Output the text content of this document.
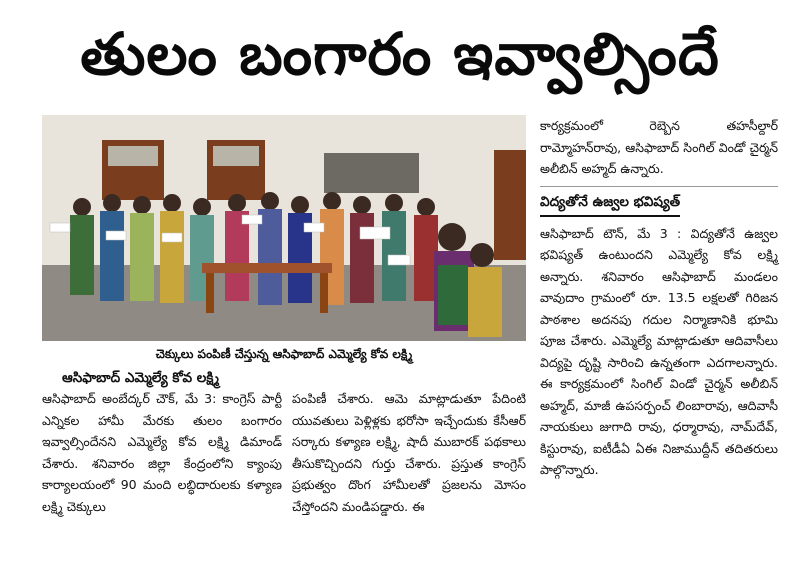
తులం బంగారం ఇవ్వాల్సిందే
చెక్కులు పంపిణీ చేస్తున్న ఆసిఫాబాద్ ఎమ్మెల్యే కోవ లక్ష్మి
ఆసిఫాబాద్ ఎమ్మెల్యే కోవ లక్ష్మి

ఆసిఫాబాద్ అంబేద్కర్ చౌక్, మే 3: కాంగ్రెస్ పార్టీ ఎన్నికల హామీ మేరకు తులం బంగారం ఇవ్వాల్సిందేనని ఎమ్మెల్యే కోవ లక్ష్మి డిమాండ్ చేశారు. శనివారం జిల్లా కేంద్రంలోని క్యాంపు కార్యాలయంలో 90 మంది లబ్ధిదారులకు కళ్యాణ లక్ష్మి చెక్కులు

పంపిణీ చేశారు. ఆమె మాట్లాడుతూ పేదింటి యువతులు పెళ్లిళ్లకు భరోసా ఇచ్చేందుకు కేసీఆర్ సర్కారు కళ్యాణ లక్ష్మి, షాదీ ముబారక్ పథకాలు తీసుకొచ్చిందని గుర్తు చేశారు. ప్రస్తుత కాంగ్రెస్ ప్రభుత్వం దొంగ హామీలతో ప్రజలను మోసం చేస్తోందని మండిపడ్డారు. ఈ

కార్యక్రమంలో రెబ్బెన తహసీల్దార్ రామ్మోహన్‌రావు, ఆసిఫాబాద్ సింగిల్ విండో చైర్మన్ అలీబిన్ అహ్మద్ ఉన్నారు.

విద్యతోనే ఉజ్వల భవిష్యత్

ఆసిఫాబాద్ టౌన్, మే 3 : విద్యతోనే ఉజ్వల భవిష్యత్ ఉంటుందని ఎమ్మెల్యే కోవ లక్ష్మి అన్నారు. శనివారం ఆసిఫాబాద్ మండలం వావుదాం గ్రామంలో రూ. 13.5 లక్షలతో గిరిజన పాఠశాల అదనపు గదుల నిర్మాణానికి భూమి పూజ చేశారు. ఎమ్మెల్యే మాట్లాడుతూ ఆదివాసీలు విద్యపై దృష్టి సారించి ఉన్నతంగా ఎదగాలన్నారు. ఈ కార్యక్రమంలో సింగిల్ విండో చైర్మన్ అలీబిన్ అహ్మద్, మాజీ ఉపసర్పంచ్ లింబారావు, ఆదివాసీ నాయకులు జుగాది రావు, ధర్మారావు, నామ్‌దేవ్, కిస్టురావు, ఐటీడీఏ ఏఈ నిజాముద్దీన్ తదితరులు పాల్గొన్నారు.
